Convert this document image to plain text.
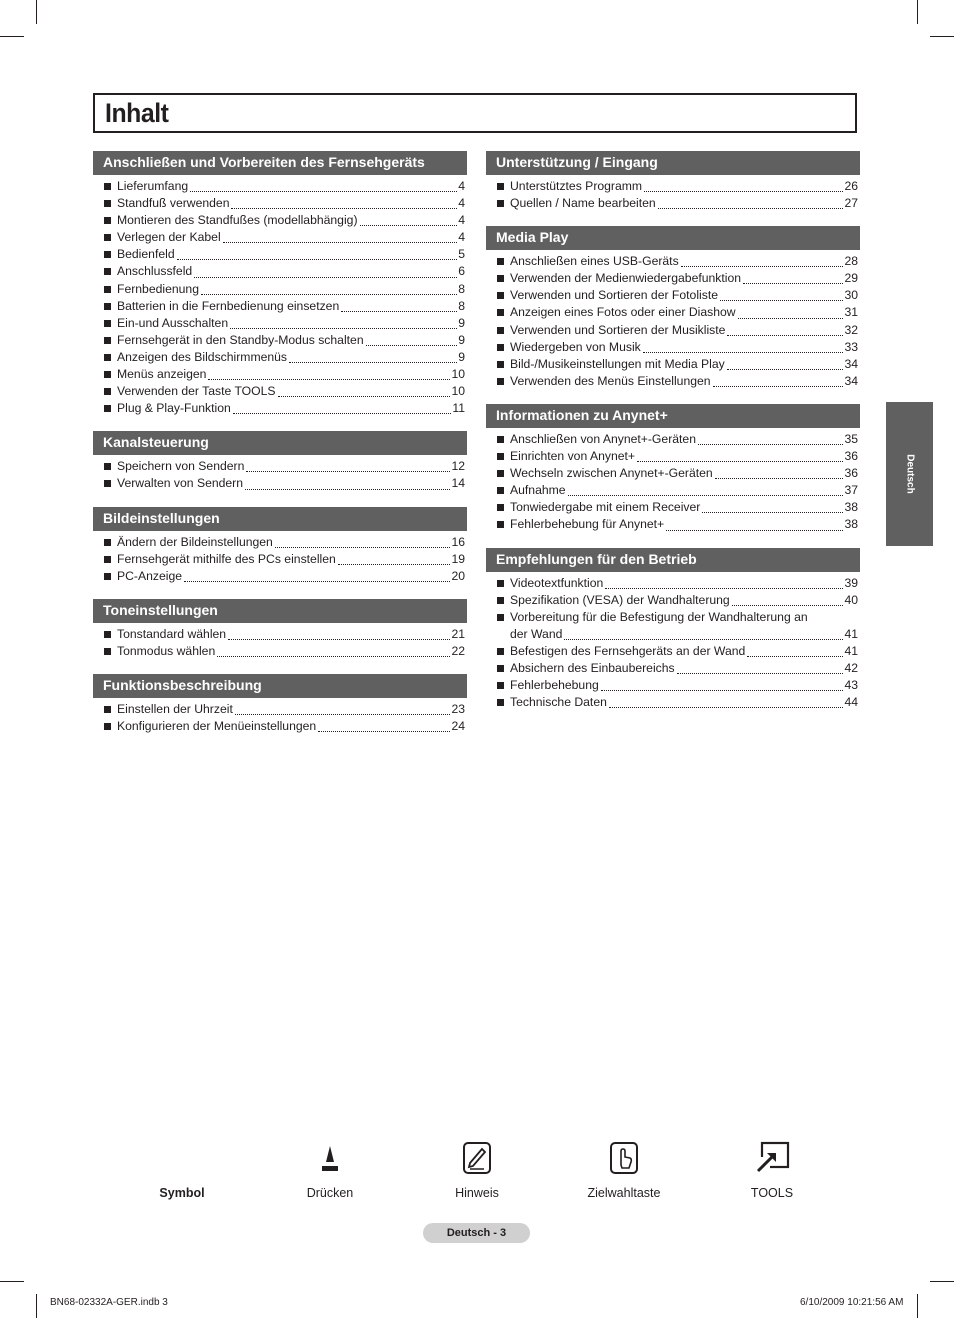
Inhalt
Anschließen und Vorbereiten des Fernsehgeräts
Lieferumfang	4
Standfuß verwenden	4
Montieren des Standfußes (modellabhängig)	4
Verlegen der Kabel	4
Bedienfeld	5
Anschlussfeld	6
Fernbedienung	8
Batterien in die Fernbedienung einsetzen	8
Ein-und Ausschalten	9
Fernsehgerät in den Standby-Modus schalten	9
Anzeigen des Bildschirmmenüs	9
Menüs anzeigen	10
Verwenden der Taste TOOLS	10
Plug & Play-Funktion	11
Kanalsteuerung
Speichern von Sendern	12
Verwalten von Sendern	14
Bildeinstellungen
Ändern der Bildeinstellungen	16
Fernsehgerät mithilfe des PCs einstellen	19
PC-Anzeige	20
Toneinstellungen
Tonstandard wählen	21
Tonmodus wählen	22
Funktionsbeschreibung
Einstellen der Uhrzeit	23
Konfigurieren der Menüeinstellungen	24
Unterstützung / Eingang
Unterstütztes Programm	26
Quellen / Name bearbeiten	27
Media Play
Anschließen eines USB-Geräts	28
Verwenden der Medienwiedergabefunktion	29
Verwenden und Sortieren der Fotoliste	30
Anzeigen eines Fotos oder einer Diashow	31
Verwenden und Sortieren der Musikliste	32
Wiedergeben von Musik	33
Bild-/Musikeinstellungen mit Media Play	34
Verwenden des Menüs Einstellungen	34
Informationen zu Anynet+
Anschließen von Anynet+-Geräten	35
Einrichten von Anynet+	36
Wechseln zwischen Anynet+-Geräten	36
Aufnahme	37
Tonwiedergabe mit einem Receiver	38
Fehlerbehebung für Anynet+	38
Empfehlungen für den Betrieb
Videotextfunktion	39
Spezifikation (VESA) der Wandhalterung	40
Vorbereitung für die Befestigung der Wandhalterung an
der Wand	41
Befestigen des Fernsehgeräts an der Wand	41
Absichern des Einbaubereichs	42
Fehlerbehebung	43
Technische Daten	44
Deutsch
Symbol	Drücken	Hinweis	Zielwahltaste	TOOLS
Deutsch - 3
BN68-02332A-GER.indb 3	6/10/2009 10:21:56 AM
